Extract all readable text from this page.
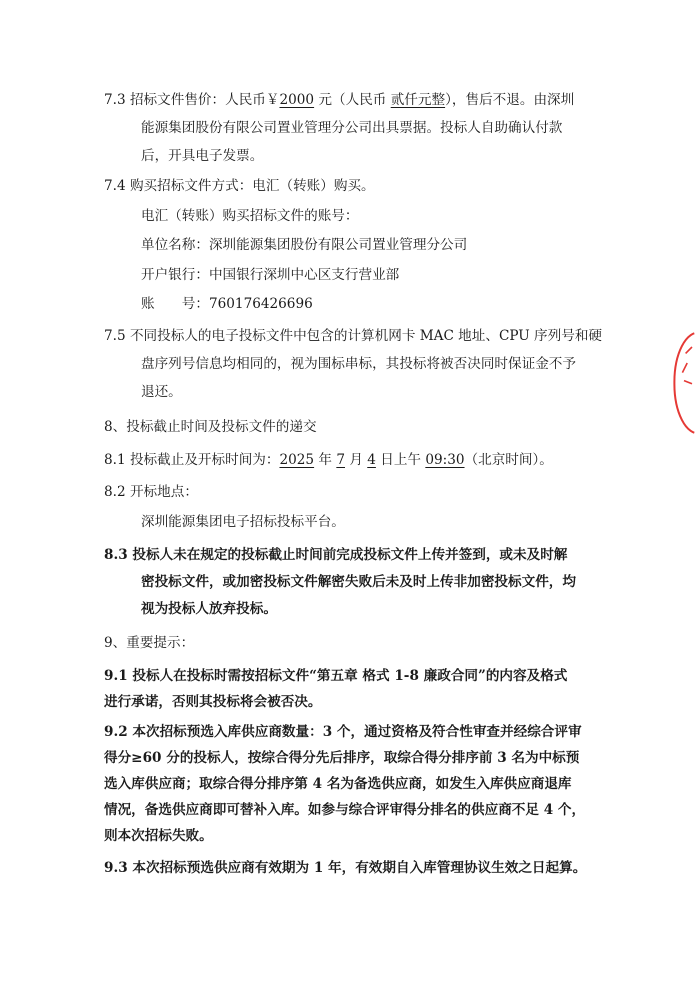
7.3 招标文件售价：人民币￥2000 元（人民币 贰仟元整），售后不退。由深圳
能源集团股份有限公司置业管理分公司出具票据。投标人自助确认付款
后，开具电子发票。
7.4 购买招标文件方式：电汇（转账）购买。
电汇（转账）购买招标文件的账号：
单位名称：深圳能源集团股份有限公司置业管理分公司
开户银行：中国银行深圳中心区支行营业部
账　　号：760176426696
7.5 不同投标人的电子投标文件中包含的计算机网卡 MAC 地址、CPU 序列号和硬
盘序列号信息均相同的，视为围标串标，其投标将被否决同时保证金不予
退还。
8、投标截止时间及投标文件的递交
8.1 投标截止及开标时间为：2025 年 7 月 4 日上午 09:30（北京时间）。
8.2 开标地点：
深圳能源集团电子招标投标平台。
8.3 投标人未在规定的投标截止时间前完成投标文件上传并签到，或未及时解
密投标文件，或加密投标文件解密失败后未及时上传非加密投标文件，均
视为投标人放弃投标。
9、重要提示：
9.1 投标人在投标时需按招标文件“第五章 格式 1-8 廉政合同”的内容及格式
进行承诺，否则其投标将会被否决。
9.2 本次招标预选入库供应商数量：3 个，通过资格及符合性审查并经综合评审
得分≥60 分的投标人，按综合得分先后排序，取综合得分排序前 3 名为中标预
选入库供应商；取综合得分排序第 4 名为备选供应商，如发生入库供应商退库
情况，备选供应商即可替补入库。如参与综合评审得分排名的供应商不足 4 个，
则本次招标失败。
9.3 本次招标预选供应商有效期为 1 年，有效期自入库管理协议生效之日起算。
